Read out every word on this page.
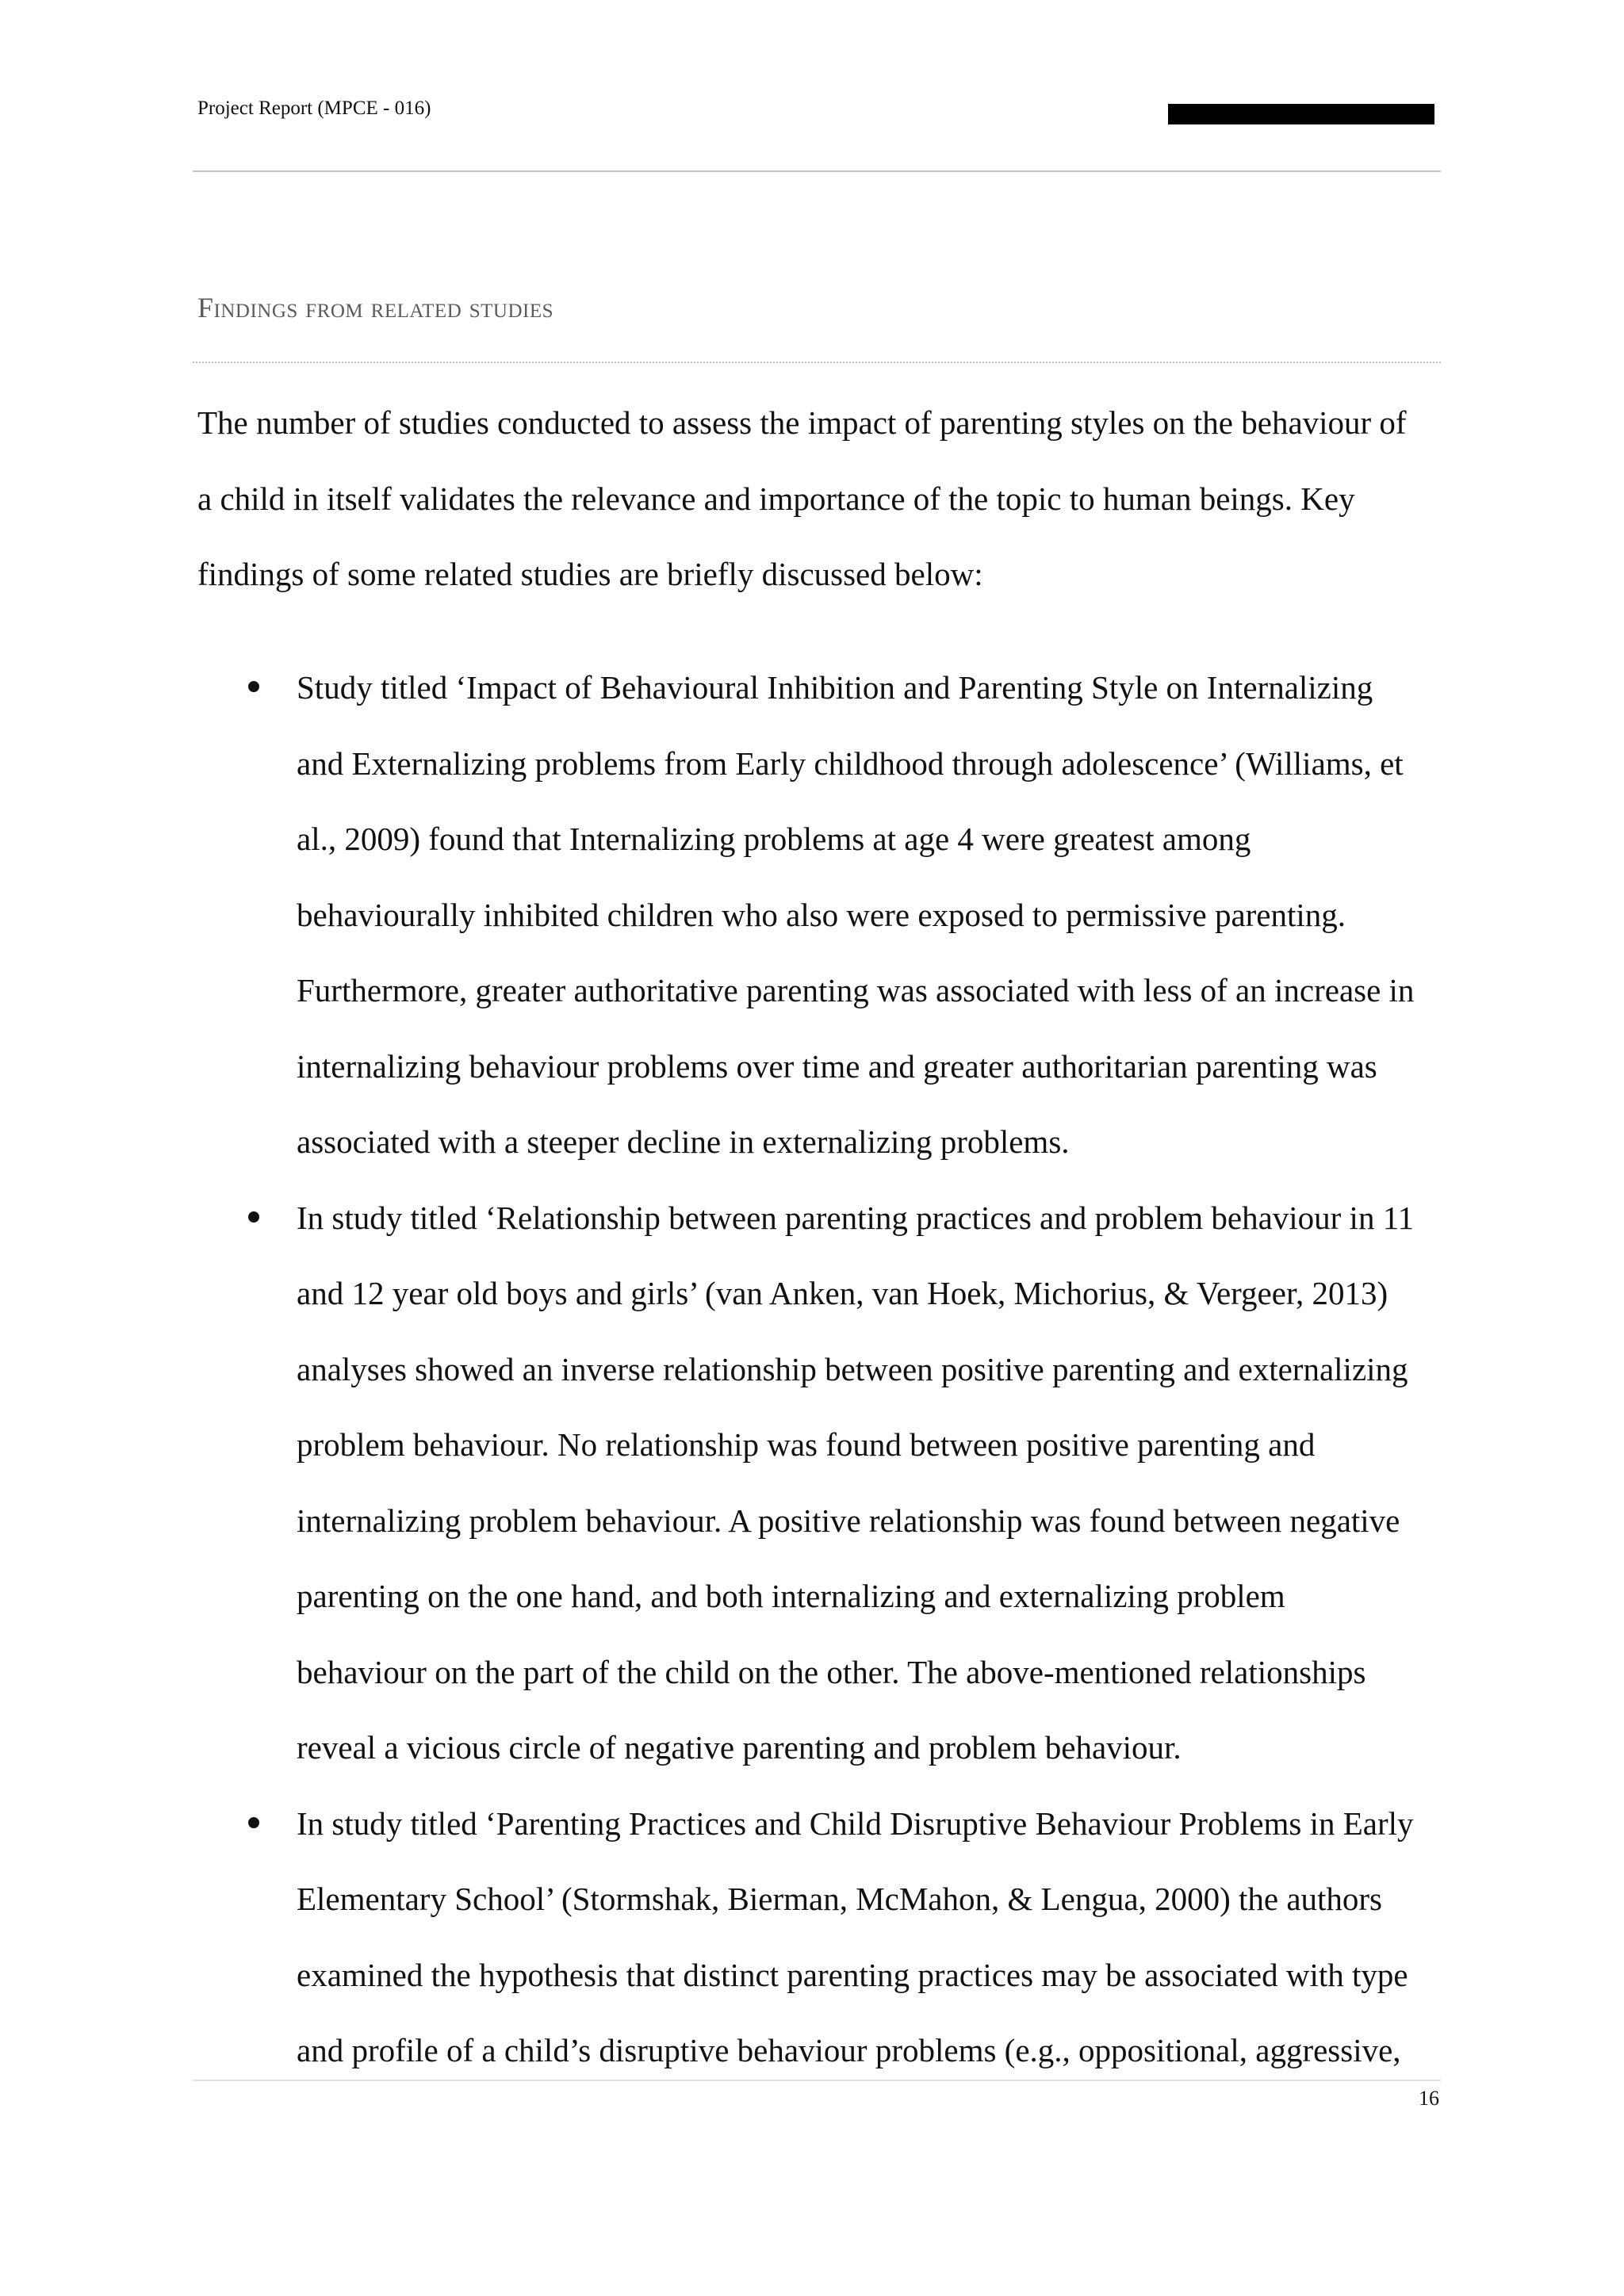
Project Report (MPCE - 016)
Findings from related studies
The number of studies conducted to assess the impact of parenting styles on the behaviour of
a child in itself validates the relevance and importance of the topic to human beings. Key
findings of some related studies are briefly discussed below:
Study titled ‘Impact of Behavioural Inhibition and Parenting Style on Internalizing
and Externalizing problems from Early childhood through adolescence’ (Williams, et
al., 2009) found that Internalizing problems at age 4 were greatest among
behaviourally inhibited children who also were exposed to permissive parenting.
Furthermore, greater authoritative parenting was associated with less of an increase in
internalizing behaviour problems over time and greater authoritarian parenting was
associated with a steeper decline in externalizing problems.
In study titled ‘Relationship between parenting practices and problem behaviour in 11
and 12 year old boys and girls’ (van Anken, van Hoek, Michorius, & Vergeer, 2013)
analyses showed an inverse relationship between positive parenting and externalizing
problem behaviour. No relationship was found between positive parenting and
internalizing problem behaviour. A positive relationship was found between negative
parenting on the one hand, and both internalizing and externalizing problem
behaviour on the part of the child on the other. The above-mentioned relationships
reveal a vicious circle of negative parenting and problem behaviour.
In study titled ‘Parenting Practices and Child Disruptive Behaviour Problems in Early
Elementary School’ (Stormshak, Bierman, McMahon, & Lengua, 2000) the authors
examined the hypothesis that distinct parenting practices may be associated with type
and profile of a child’s disruptive behaviour problems (e.g., oppositional, aggressive,
16
